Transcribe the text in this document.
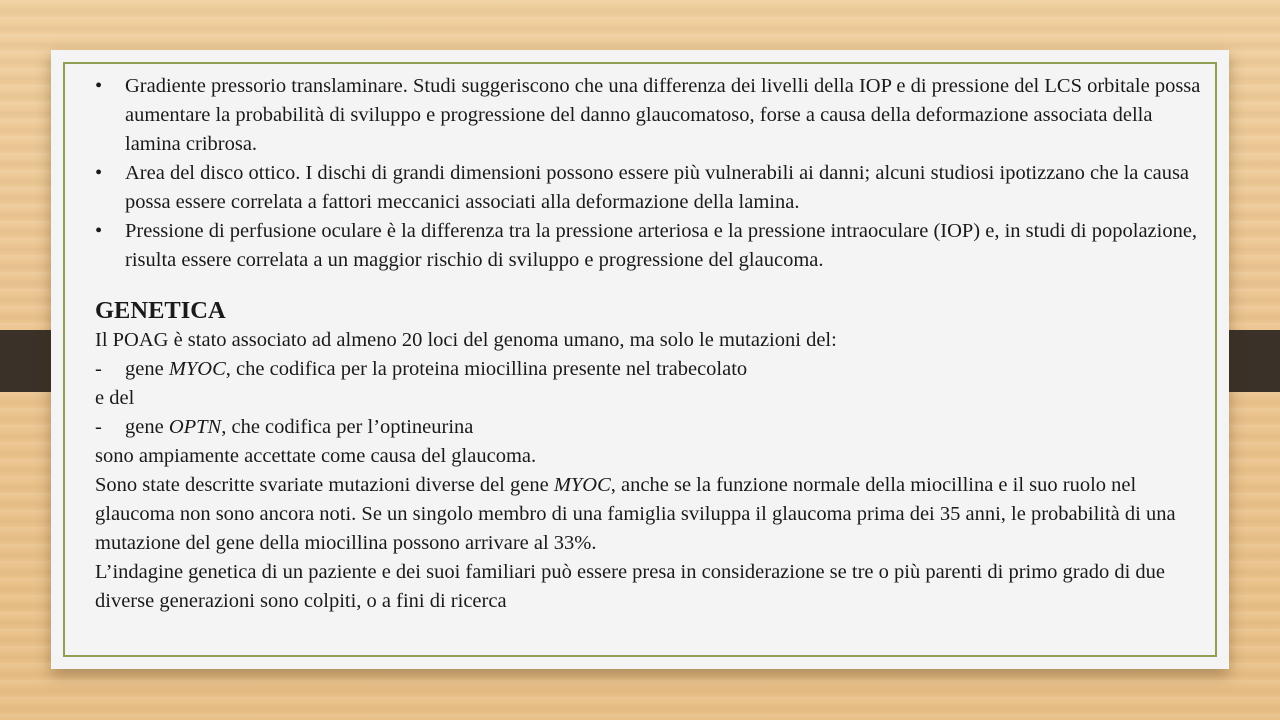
• Gradiente pressorio translaminare. Studi suggeriscono che una differenza dei livelli della IOP e di pressione del LCS orbitale possa aumentare la probabilità di sviluppo e progressione del danno glaucomatoso, forse a causa della deformazione associata della lamina cribrosa.
• Area del disco ottico. I dischi di grandi dimensioni possono essere più vulnerabili ai danni; alcuni studiosi ipotizzano che la causa possa essere correlata a fattori meccanici associati alla deformazione della lamina.
• Pressione di perfusione oculare è la differenza tra la pressione arteriosa e la pressione intraoculare (IOP) e, in studi di popolazione, risulta essere correlata a un maggior rischio di sviluppo e progressione del glaucoma.
GENETICA

Il POAG è stato associato ad almeno 20 loci del genoma umano, ma solo le mutazioni del:

- gene MYOC, che codifica per la proteina miocillina presente nel trabecolato

e del

- gene OPTN, che codifica per l’optineurina

sono ampiamente accettate come causa del glaucoma.

Sono state descritte svariate mutazioni diverse del gene MYOC, anche se la funzione normale della miocillina e il suo ruolo nel glaucoma non sono ancora noti. Se un singolo membro di una famiglia sviluppa il glaucoma prima dei 35 anni, le probabilità di una mutazione del gene della miocillina possono arrivare al 33%.

L’indagine genetica di un paziente e dei suoi familiari può essere presa in considerazione se tre o più parenti di primo grado di due diverse generazioni sono colpiti, o a fini di ricerca
